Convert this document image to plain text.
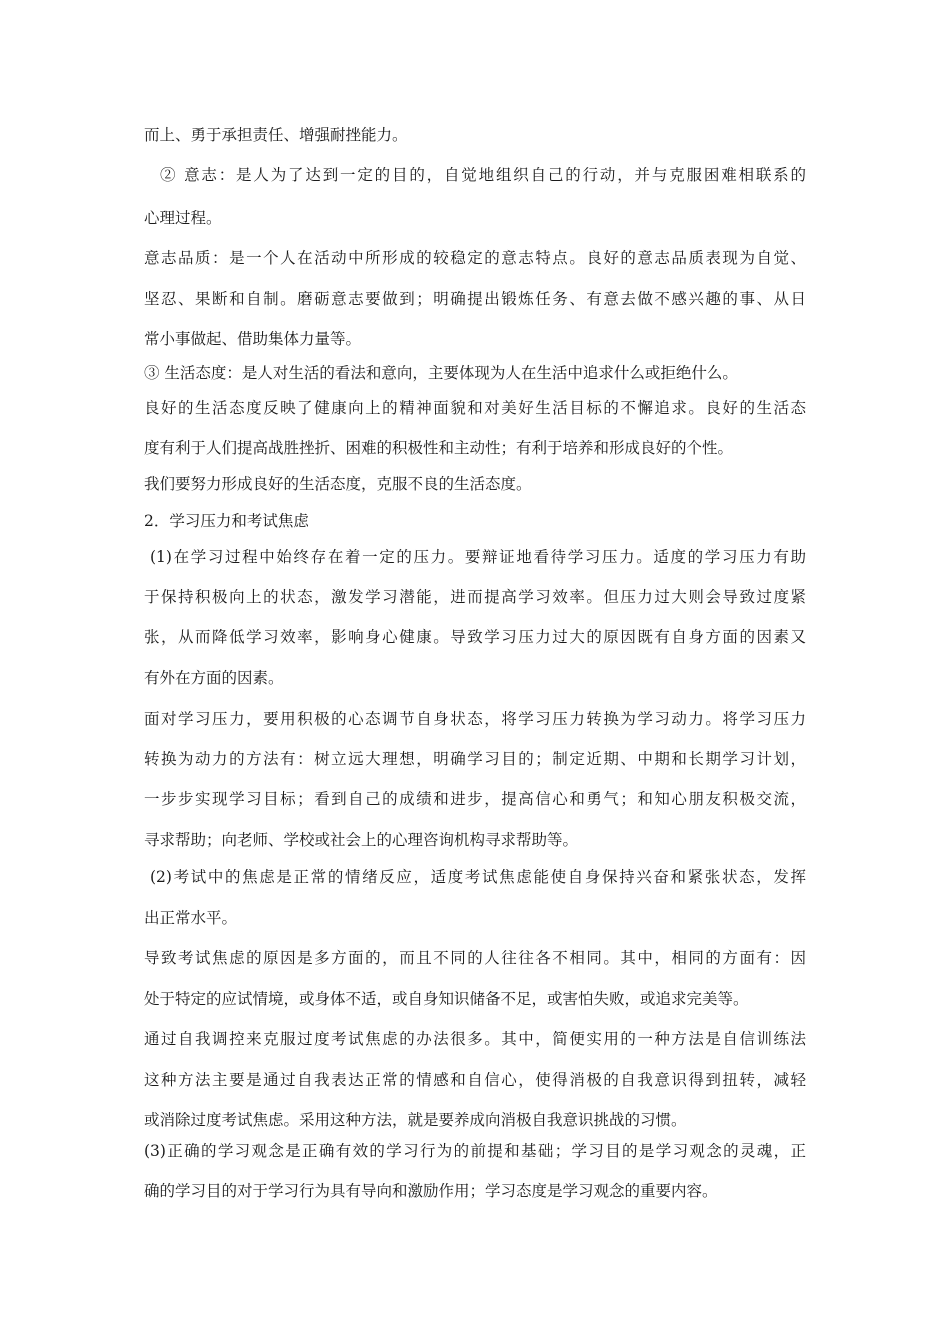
而上、勇于承担责任、增强耐挫能力。
② 意志：是人为了达到一定的目的，自觉地组织自己的行动，并与克服困难相联系的
心理过程。
意志品质：是一个人在活动中所形成的较稳定的意志特点。良好的意志品质表现为自觉、
坚忍、果断和自制。磨砺意志要做到；明确提出锻炼任务、有意去做不感兴趣的事、从日
常小事做起、借助集体力量等。
③ 生活态度：是人对生活的看法和意向，主要体现为人在生活中追求什么或拒绝什么。
良好的生活态度反映了健康向上的精神面貌和对美好生活目标的不懈追求。良好的生活态
度有利于人们提高战胜挫折、困难的积极性和主动性；有利于培养和形成良好的个性。
我们要努力形成良好的生活态度，克服不良的生活态度。
2．学习压力和考试焦虑
(1)在学习过程中始终存在着一定的压力。要辩证地看待学习压力。适度的学习压力有助
于保持积极向上的状态，激发学习潜能，进而提高学习效率。但压力过大则会导致过度紧
张，从而降低学习效率，影响身心健康。导致学习压力过大的原因既有自身方面的因素又
有外在方面的因素。
面对学习压力，要用积极的心态调节自身状态，将学习压力转换为学习动力。将学习压力
转换为动力的方法有：树立远大理想，明确学习目的；制定近期、中期和长期学习计划，
一步步实现学习目标；看到自己的成绩和进步，提高信心和勇气；和知心朋友积极交流，
寻求帮助；向老师、学校或社会上的心理咨询机构寻求帮助等。
(2)考试中的焦虑是正常的情绪反应，适度考试焦虑能使自身保持兴奋和紧张状态，发挥
出正常水平。
导致考试焦虑的原因是多方面的，而且不同的人往往各不相同。其中，相同的方面有：因
处于特定的应试情境，或身体不适，或自身知识储备不足，或害怕失败，或追求完美等。
通过自我调控来克服过度考试焦虑的办法很多。其中，简便实用的一种方法是自信训练法
这种方法主要是通过自我表达正常的情感和自信心，使得消极的自我意识得到扭转，减轻
或消除过度考试焦虑。采用这种方法，就是要养成向消极自我意识挑战的习惯。
(3)正确的学习观念是正确有效的学习行为的前提和基础；学习目的是学习观念的灵魂，正
确的学习目的对于学习行为具有导向和激励作用；学习态度是学习观念的重要内容。
